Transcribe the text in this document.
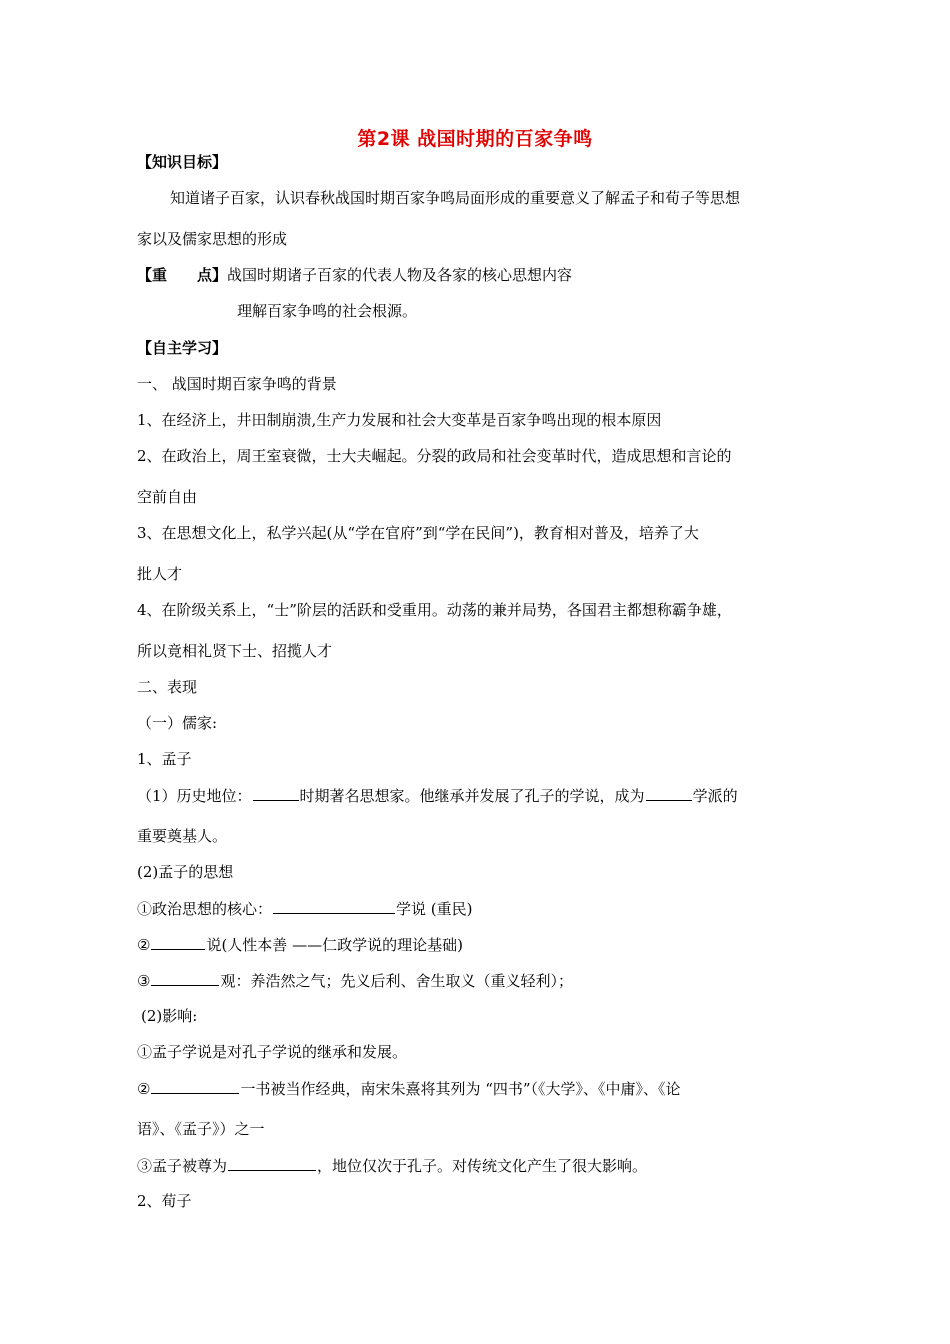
第2课 战国时期的百家争鸣
【知识目标】
知道诸子百家，认识春秋战国时期百家争鸣局面形成的重要意义了解孟子和荀子等思想
家以及儒家思想的形成
【重　　点】战国时期诸子百家的代表人物及各家的核心思想内容
理解百家争鸣的社会根源。
【自主学习】
一、 战国时期百家争鸣的背景
1、在经济上，井田制崩溃,生产力发展和社会大变革是百家争鸣出现的根本原因
2、在政治上，周王室衰微，士大夫崛起。分裂的政局和社会变革时代，造成思想和言论的
空前自由
3、在思想文化上，私学兴起(从“学在官府”到“学在民间”)，教育相对普及，培养了大
批人才
4、在阶级关系上，“士”阶层的活跃和受重用。动荡的兼并局势，各国君主都想称霸争雄，
所以竟相礼贤下士、招揽人才
二、表现
（一）儒家:
1、孟子
（1）历史地位：	时期著名思想家。他继承并发展了孔子的学说，成为	学派的
重要奠基人。
(2)孟子的思想
①政治思想的核心：	学说 (重民)
②	说(人性本善 ——仁政学说的理论基础)
③	观：养浩然之气；先义后利、舍生取义（重义轻利）；
(2)影响:
①孟子学说是对孔子学说的继承和发展。
②	一书被当作经典，南宋朱熹将其列为 “四书”（《大学》、《中庸》、《论
语》、《孟子》）之一
③孟子被尊为	，地位仅次于孔子。对传统文化产生了很大影响。
2、荀子
